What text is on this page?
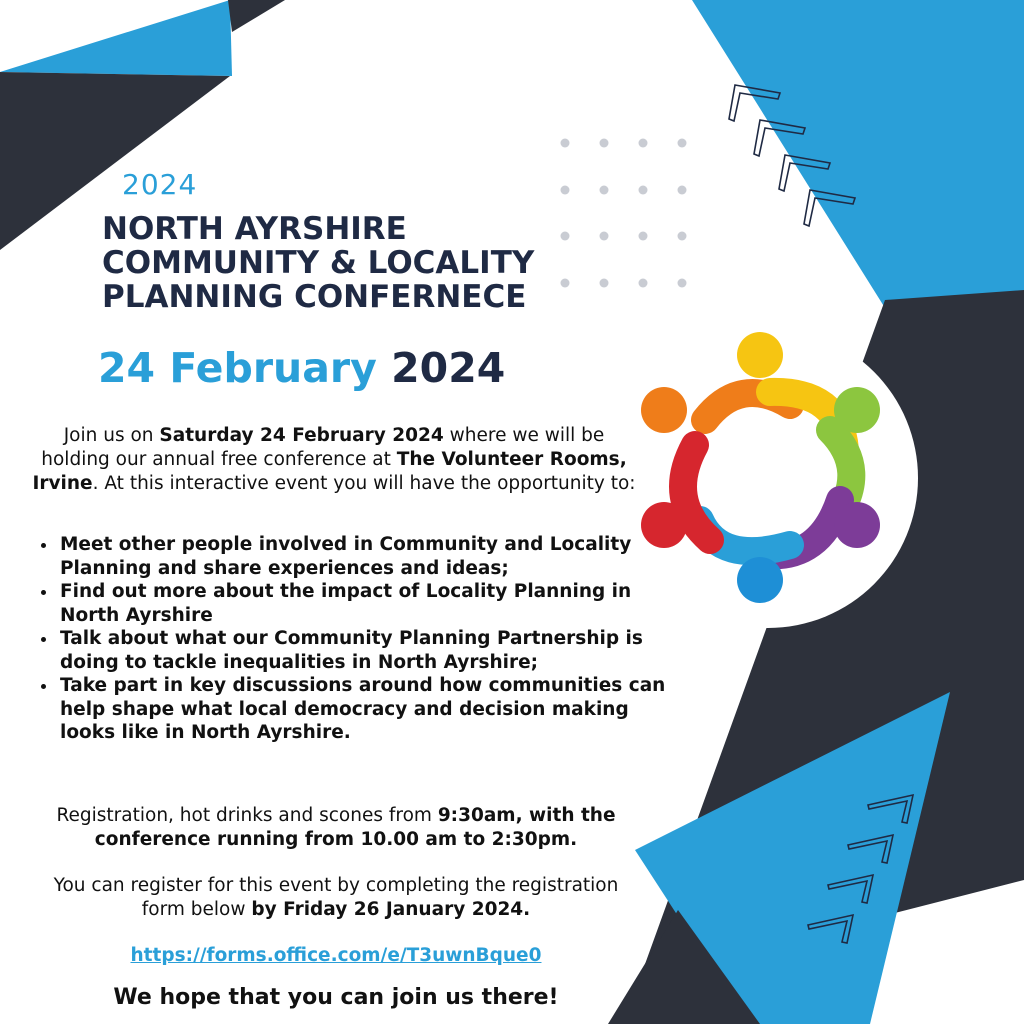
2024
NORTH AYRSHIRE COMMUNITY & LOCALITY PLANNING CONFERNECE
24 February 2024
Join us on Saturday 24 February 2024 where we will be holding our annual free conference at The Volunteer Rooms, Irvine. At this interactive event you will have the opportunity to:
• Meet other people involved in Community and Locality Planning and share experiences and ideas;
• Find out more about the impact of Locality Planning in North Ayrshire
• Talk about what our Community Planning Partnership is doing to tackle inequalities in North Ayrshire;
• Take part in key discussions around how communities can help shape what local democracy and decision making looks like in North Ayrshire.
Registration, hot drinks and scones from 9:30am, with the conference running from 10.00 am to 2:30pm.
You can register for this event by completing the registration form below by Friday 26 January 2024.
https://forms.office.com/e/T3uwnBque0
We hope that you can join us there!
